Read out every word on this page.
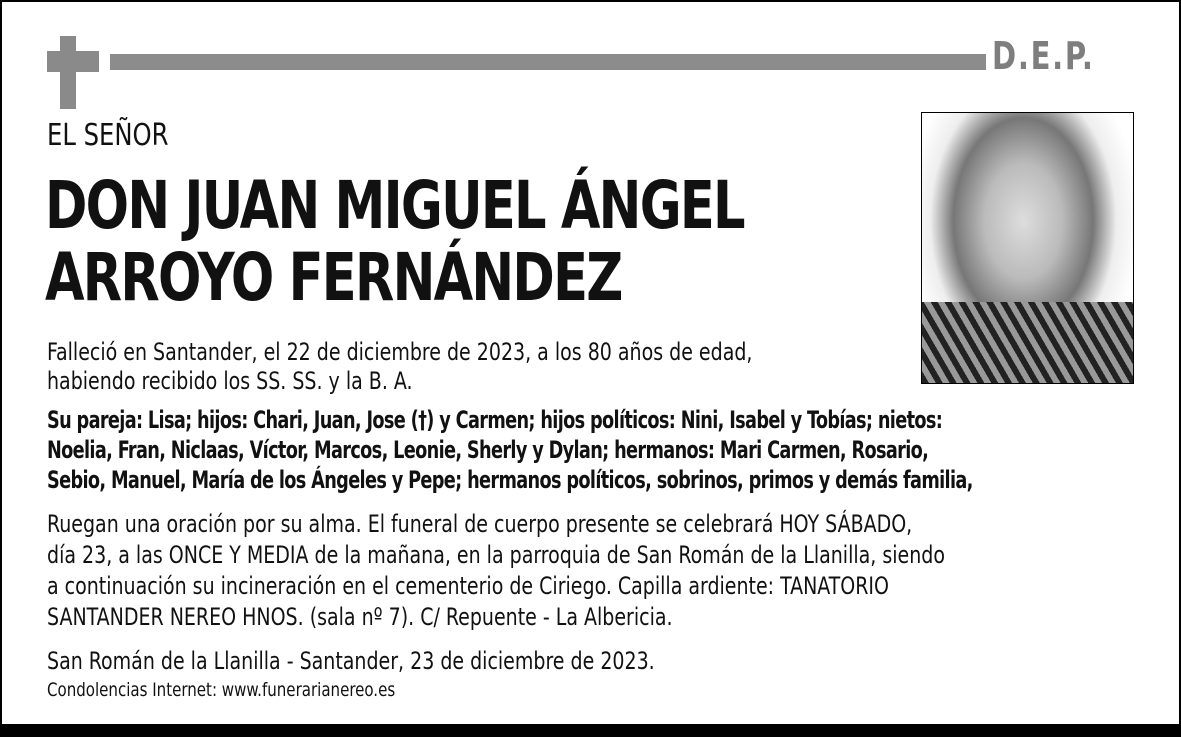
D.E.P.
EL SEÑOR
DON JUAN MIGUEL ÁNGEL
ARROYO FERNÁNDEZ
Falleció en Santander, el 22 de diciembre de 2023, a los 80 años de edad,
habiendo recibido los SS. SS. y la B. A.
Su pareja: Lisa; hijos: Chari, Juan, Jose (†) y Carmen; hijos políticos: Nini, Isabel y Tobías; nietos:
Noelia, Fran, Niclaas, Víctor, Marcos, Leonie, Sherly y Dylan; hermanos: Mari Carmen, Rosario,
Sebio, Manuel, María de los Ángeles y Pepe; hermanos políticos, sobrinos, primos y demás familia,
Ruegan una oración por su alma. El funeral de cuerpo presente se celebrará HOY SÁBADO,
día 23, a las ONCE Y MEDIA de la mañana, en la parroquia de San Román de la Llanilla, siendo
a continuación su incineración en el cementerio de Ciriego. Capilla ardiente: TANATORIO
SANTANDER NEREO HNOS. (sala nº 7). C/ Repuente - La Albericia.
San Román de la Llanilla - Santander, 23 de diciembre de 2023.
Condolencias Internet: www.funerarianereo.es
